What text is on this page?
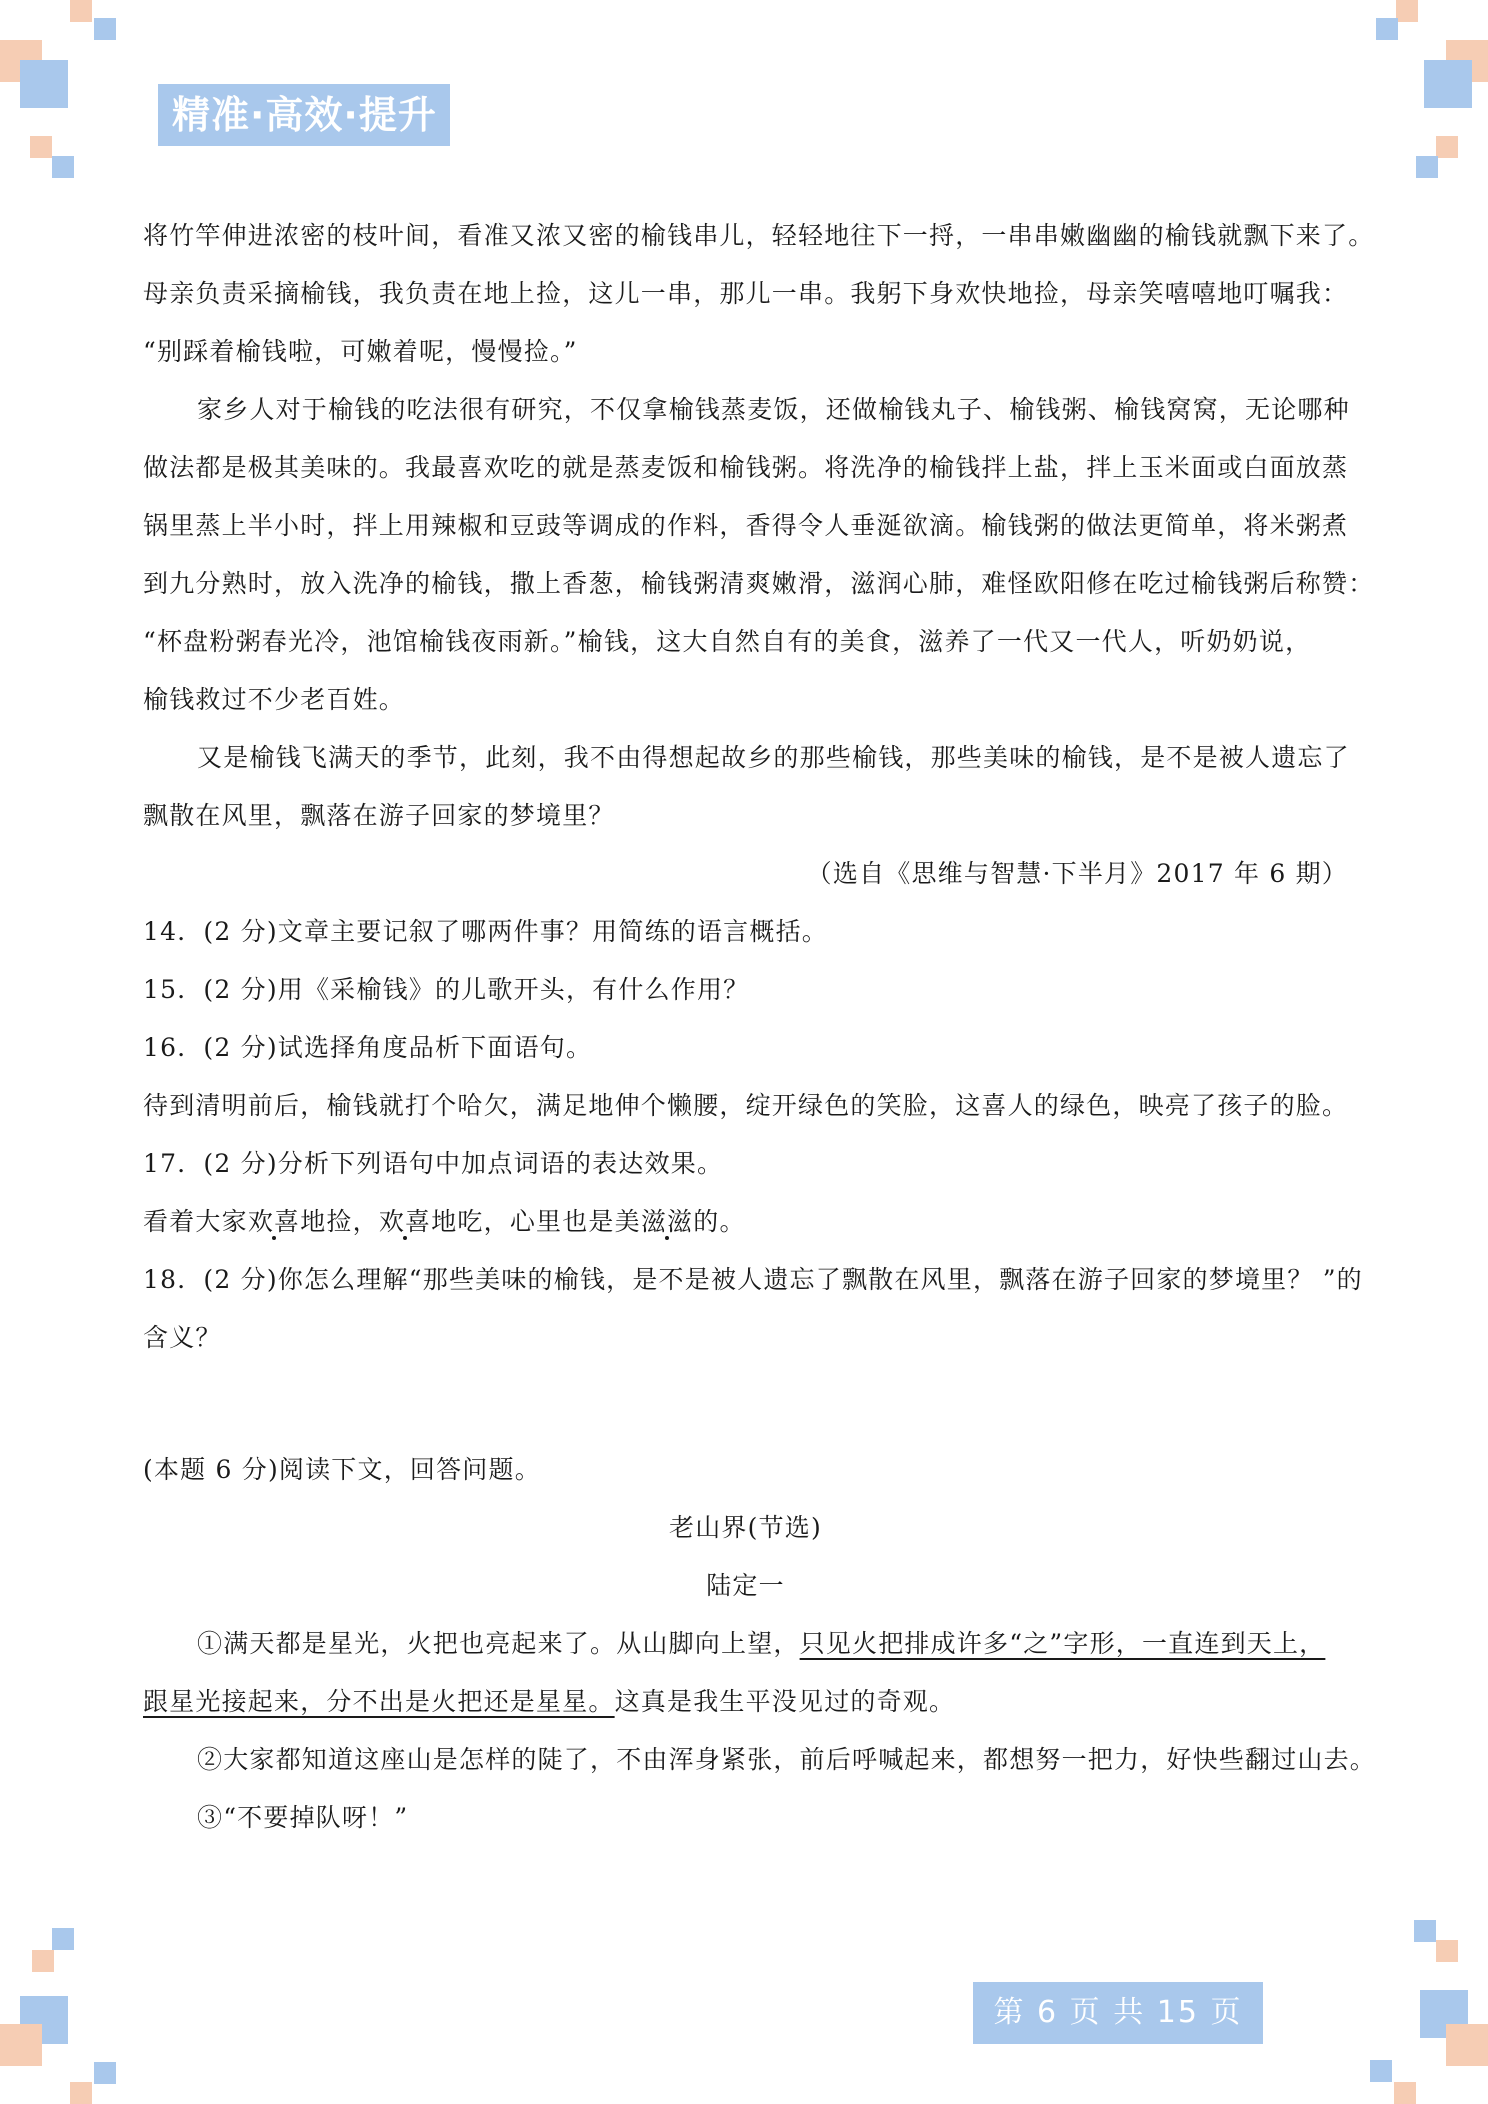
精准·高效·提升
将竹竿伸进浓密的枝叶间，看准又浓又密的榆钱串儿，轻轻地往下一捋，一串串嫩幽幽的榆钱就飘下来了。
母亲负责采摘榆钱，我负责在地上捡，这儿一串，那儿一串。我躬下身欢快地捡，母亲笑嘻嘻地叮嘱我：
“别踩着榆钱啦，可嫩着呢，慢慢捡。”
家乡人对于榆钱的吃法很有研究，不仅拿榆钱蒸麦饭，还做榆钱丸子、榆钱粥、榆钱窝窝，无论哪种
做法都是极其美味的。我最喜欢吃的就是蒸麦饭和榆钱粥。将洗净的榆钱拌上盐，拌上玉米面或白面放蒸
锅里蒸上半小时，拌上用辣椒和豆豉等调成的作料，香得令人垂涎欲滴。榆钱粥的做法更简单，将米粥煮
到九分熟时，放入洗净的榆钱，撒上香葱，榆钱粥清爽嫩滑，滋润心肺，难怪欧阳修在吃过榆钱粥后称赞：
“杯盘粉粥春光冷，池馆榆钱夜雨新。”榆钱，这大自然自有的美食，滋养了一代又一代人，听奶奶说，
榆钱救过不少老百姓。
又是榆钱飞满天的季节，此刻，我不由得想起故乡的那些榆钱，那些美味的榆钱，是不是被人遗忘了
飘散在风里，飘落在游子回家的梦境里？
（选自《思维与智慧·下半月》2017 年 6 期）
14．(2 分)文章主要记叙了哪两件事？用简练的语言概括。
15．(2 分)用《采榆钱》的儿歌开头，有什么作用？
16．(2 分)试选择角度品析下面语句。
待到清明前后，榆钱就打个哈欠，满足地伸个懒腰，绽开绿色的笑脸，这喜人的绿色，映亮了孩子的脸。
17．(2 分)分析下列语句中加点词语的表达效果。
看着大家欢喜地捡，欢喜地吃，心里也是美滋滋的。
18．(2 分)你怎么理解“那些美味的榆钱，是不是被人遗忘了飘散在风里，飘落在游子回家的梦境里？ ”的
含义？
(本题 6 分)阅读下文，回答问题。
老山界(节选)
陆定一
①满天都是星光，火把也亮起来了。从山脚向上望，只见火把排成许多“之”字形，一直连到天上，
跟星光接起来，分不出是火把还是星星。这真是我生平没见过的奇观。
②大家都知道这座山是怎样的陡了，不由浑身紧张，前后呼喊起来，都想努一把力，好快些翻过山去。
③“不要掉队呀！”
第 6 页 共 15 页
